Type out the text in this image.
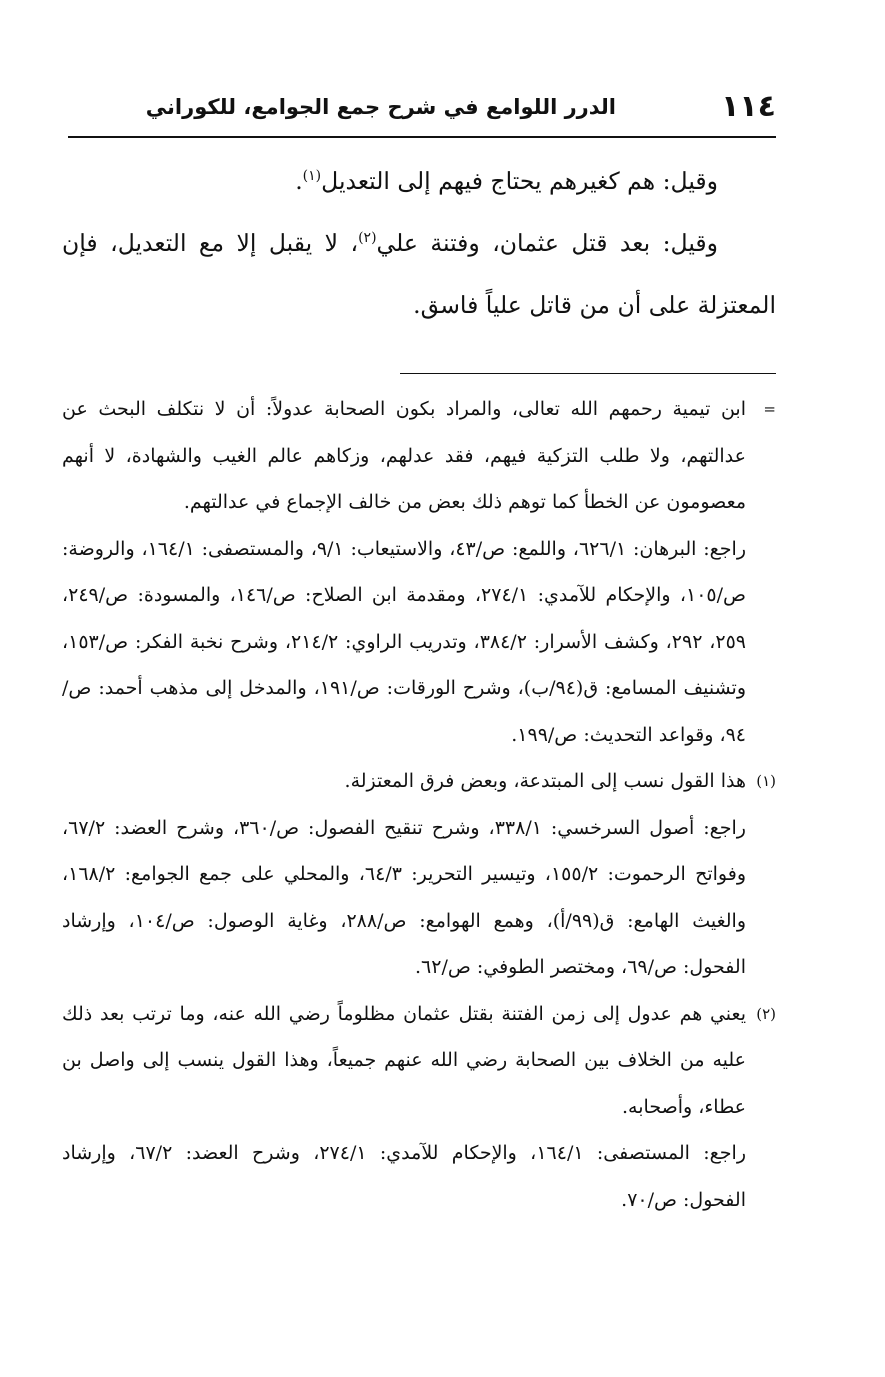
١١٤
الدرر اللوامع في شرح جمع الجوامع، للكوراني

وقيل: هم كغيرهم يحتاج فيهم إلى التعديل$^{(١)}$.

وقيل: بعد قتل عثمان، وفتنة علي$^{(٢)}$، لا يقبل إلا مع التعديل، فإن المعتزلة على أن من قاتل علياً فاسق.

=
ابن تيمية رحمهم الله تعالى، والمراد بكون الصحابة عدولاً: أن لا نتكلف البحث عن عدالتهم، ولا طلب التزكية فيهم، فقد عدلهم، وزكاهم عالم الغيب والشهادة، لا أنهم معصومون عن الخطأ كما توهم ذلك بعض من خالف الإجماع في عدالتهم.

راجع: البرهان: ٦٢٦/١، واللمع: ص/٤٣، والاستيعاب: ٩/١، والمستصفى: ١٦٤/١، والروضة: ص/١٠٥، والإحكام للآمدي: ٢٧٤/١، ومقدمة ابن الصلاح: ص/١٤٦، والمسودة: ص/٢٤٩، ٢٥٩، ٢٩٢، وكشف الأسرار: ٣٨٤/٢، وتدريب الراوي: ٢١٤/٢، وشرح نخبة الفكر: ص/١٥٣، وتشنيف المسامع: ق(٩٤/ب)، وشرح الورقات: ص/١٩١، والمدخل إلى مذهب أحمد: ص/٩٤، وقواعد التحديث: ص/١٩٩.

(١)
هذا القول نسب إلى المبتدعة، وبعض فرق المعتزلة.

راجع: أصول السرخسي: ٣٣٨/١، وشرح تنقيح الفصول: ص/٣٦٠، وشرح العضد: ٦٧/٢، وفواتح الرحموت: ١٥٥/٢، وتيسير التحرير: ٦٤/٣، والمحلي على جمع الجوامع: ١٦٨/٢، والغيث الهامع: ق(٩٩/أ)، وهمع الهوامع: ص/٢٨٨، وغاية الوصول: ص/١٠٤، وإرشاد الفحول: ص/٦٩، ومختصر الطوفي: ص/٦٢.

(٢)
يعني هم عدول إلى زمن الفتنة بقتل عثمان مظلوماً رضي الله عنه، وما ترتب بعد ذلك عليه من الخلاف بين الصحابة رضي الله عنهم جميعاً، وهذا القول ينسب إلى واصل بن عطاء، وأصحابه.

راجع: المستصفى: ١٦٤/١، والإحكام للآمدي: ٢٧٤/١، وشرح العضد: ٦٧/٢، وإرشاد الفحول: ص/٧٠.
